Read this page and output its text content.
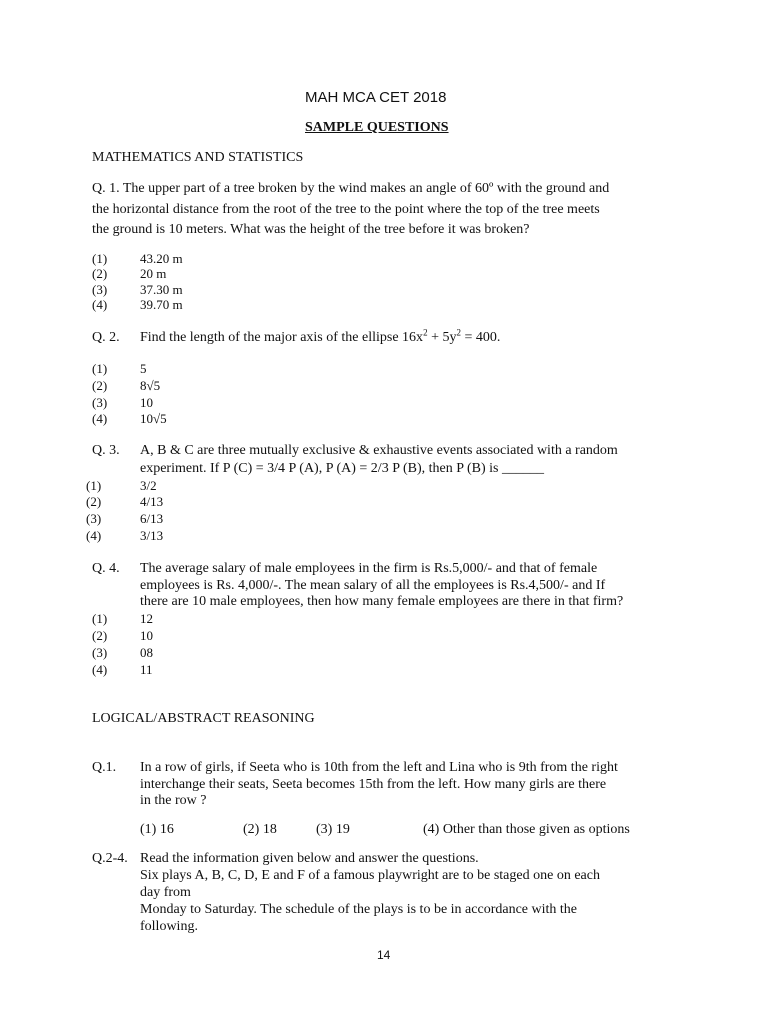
MAH MCA CET 2018
SAMPLE QUESTIONS
MATHEMATICS AND STATISTICS
Q. 1. The upper part of a tree broken by the wind makes an angle of 60º with the ground and
the horizontal distance from the root of the tree to the point where the top of the tree meets
the ground is 10 meters. What was the height of the tree before it was broken?
(1)	43.20 m
(2)	20 m
(3)	37.30 m
(4)	39.70 m
Q. 2. Find the length of the major axis of the ellipse $16x^2 + 5y^2 = 400$.
(1)	5
(2)	8√5
(3)	10
(4)	10√5
Q. 3. A, B & C are three mutually exclusive & exhaustive events associated with a random
experiment. If P (C) = 3/4 P (A), P (A) = 2/3 P (B), then P (B) is ______
(1)	3/2
(2)	4/13
(3)	6/13
(4)	3/13
Q. 4. The average salary of male employees in the firm is Rs.5,000/- and that of female
employees is Rs. 4,000/-. The mean salary of all the employees is Rs.4,500/- and If
there are 10 male employees, then how many female employees are there in that firm?
(1)	12
(2)	10
(3)	08
(4)	11
LOGICAL/ABSTRACT REASONING
Q.1. In a row of girls, if Seeta who is 10th from the left and Lina who is 9th from the right
interchange their seats, Seeta becomes 15th from the left. How many girls are there
in the row ?
(1) 16	(2) 18	(3) 19	(4) Other than those given as options
Q.2-4. Read the information given below and answer the questions.
Six plays A, B, C, D, E and F of a famous playwright are to be staged one on each
day from
Monday to Saturday. The schedule of the plays is to be in accordance with the
following.
14
